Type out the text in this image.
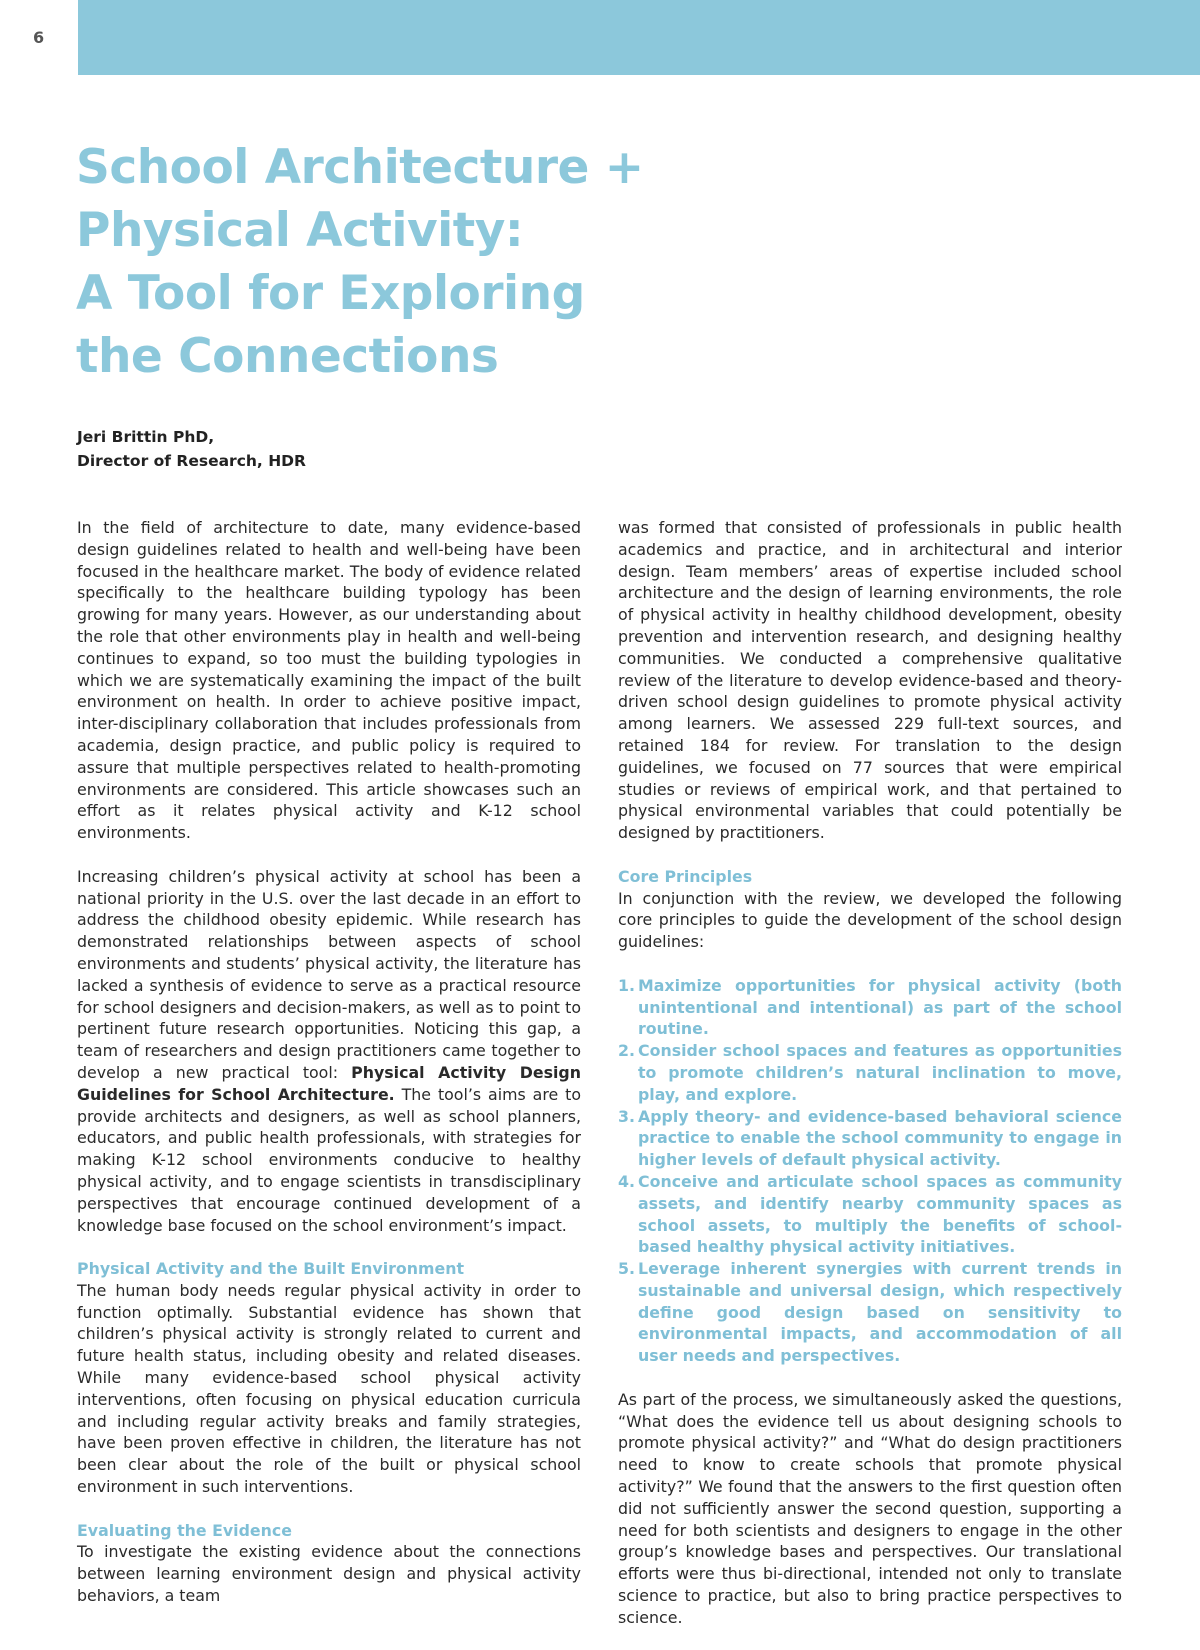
6
School Architecture +
Physical Activity:
A Tool for Exploring
the Connections
Jeri Brittin PhD,
Director of Research, HDR

In the field of architecture to date, many evidence-based design guidelines related to health and well-being have been focused in the healthcare market. The body of evidence related specifically to the healthcare building typology has been growing for many years. However, as our understanding about the role that other environments play in health and well-being continues to expand, so too must the building typologies in which we are systematically examining the impact of the built environment on health. In order to achieve positive impact, inter-disciplinary collaboration that includes professionals from academia, design practice, and public policy is required to assure that multiple perspectives related to health-promoting environments are considered. This article showcases such an effort as it relates physical activity and K-12 school environments.

Increasing children’s physical activity at school has been a national priority in the U.S. over the last decade in an effort to address the childhood obesity epidemic. While research has demonstrated relationships between aspects of school environments and students’ physical activity, the literature has lacked a synthesis of evidence to serve as a practical resource for school designers and decision-makers, as well as to point to pertinent future research opportunities. Noticing this gap, a team of researchers and design practitioners came together to develop a new practical tool: Physical Activity Design Guidelines for School Architecture. The tool’s aims are to provide architects and designers, as well as school planners, educators, and public health professionals, with strategies for making K-12 school environments conducive to healthy physical activity, and to engage scientists in transdisciplinary perspectives that encourage continued development of a knowledge base focused on the school environment’s impact.

Physical Activity and the Built Environment
The human body needs regular physical activity in order to function optimally. Substantial evidence has shown that children’s physical activity is strongly related to current and future health status, including obesity and related diseases. While many evidence-based school physical activity interventions, often focusing on physical education curricula and including regular activity breaks and family strategies, have been proven effective in children, the literature has not been clear about the role of the built or physical school environment in such interventions.

Evaluating the Evidence
To investigate the existing evidence about the connections between learning environment design and physical activity behaviors, a team

was formed that consisted of professionals in public health academics and practice, and in architectural and interior design. Team members’ areas of expertise included school architecture and the design of learning environments, the role of physical activity in healthy childhood development, obesity prevention and intervention research, and designing healthy communities. We conducted a comprehensive qualitative review of the literature to develop evidence-based and theory-driven school design guidelines to promote physical activity among learners. We assessed 229 full-text sources, and retained 184 for review. For translation to the design guidelines, we focused on 77 sources that were empirical studies or reviews of empirical work, and that pertained to physical environmental variables that could potentially be designed by practitioners.

Core Principles
In conjunction with the review, we developed the following core principles to guide the development of the school design guidelines:

1. Maximize opportunities for physical activity (both unintentional and intentional) as part of the school routine.
2. Consider school spaces and features as opportunities to promote children’s natural inclination to move, play, and explore.
3. Apply theory- and evidence-based behavioral science practice to enable the school community to engage in higher levels of default physical activity.
4. Conceive and articulate school spaces as community assets, and identify nearby community spaces as school assets, to multiply the benefits of school-based healthy physical activity initiatives.
5. Leverage inherent synergies with current trends in sustainable and universal design, which respectively define good design based on sensitivity to environmental impacts, and accommodation of all user needs and perspectives.

As part of the process, we simultaneously asked the questions, “What does the evidence tell us about designing schools to promote physical activity?” and “What do design practitioners need to know to create schools that promote physical activity?” We found that the answers to the first question often did not sufficiently answer the second question, supporting a need for both scientists and designers to engage in the other group’s knowledge bases and perspectives. Our translational efforts were thus bi-directional, intended not only to translate science to practice, but also to bring practice perspectives to science.
